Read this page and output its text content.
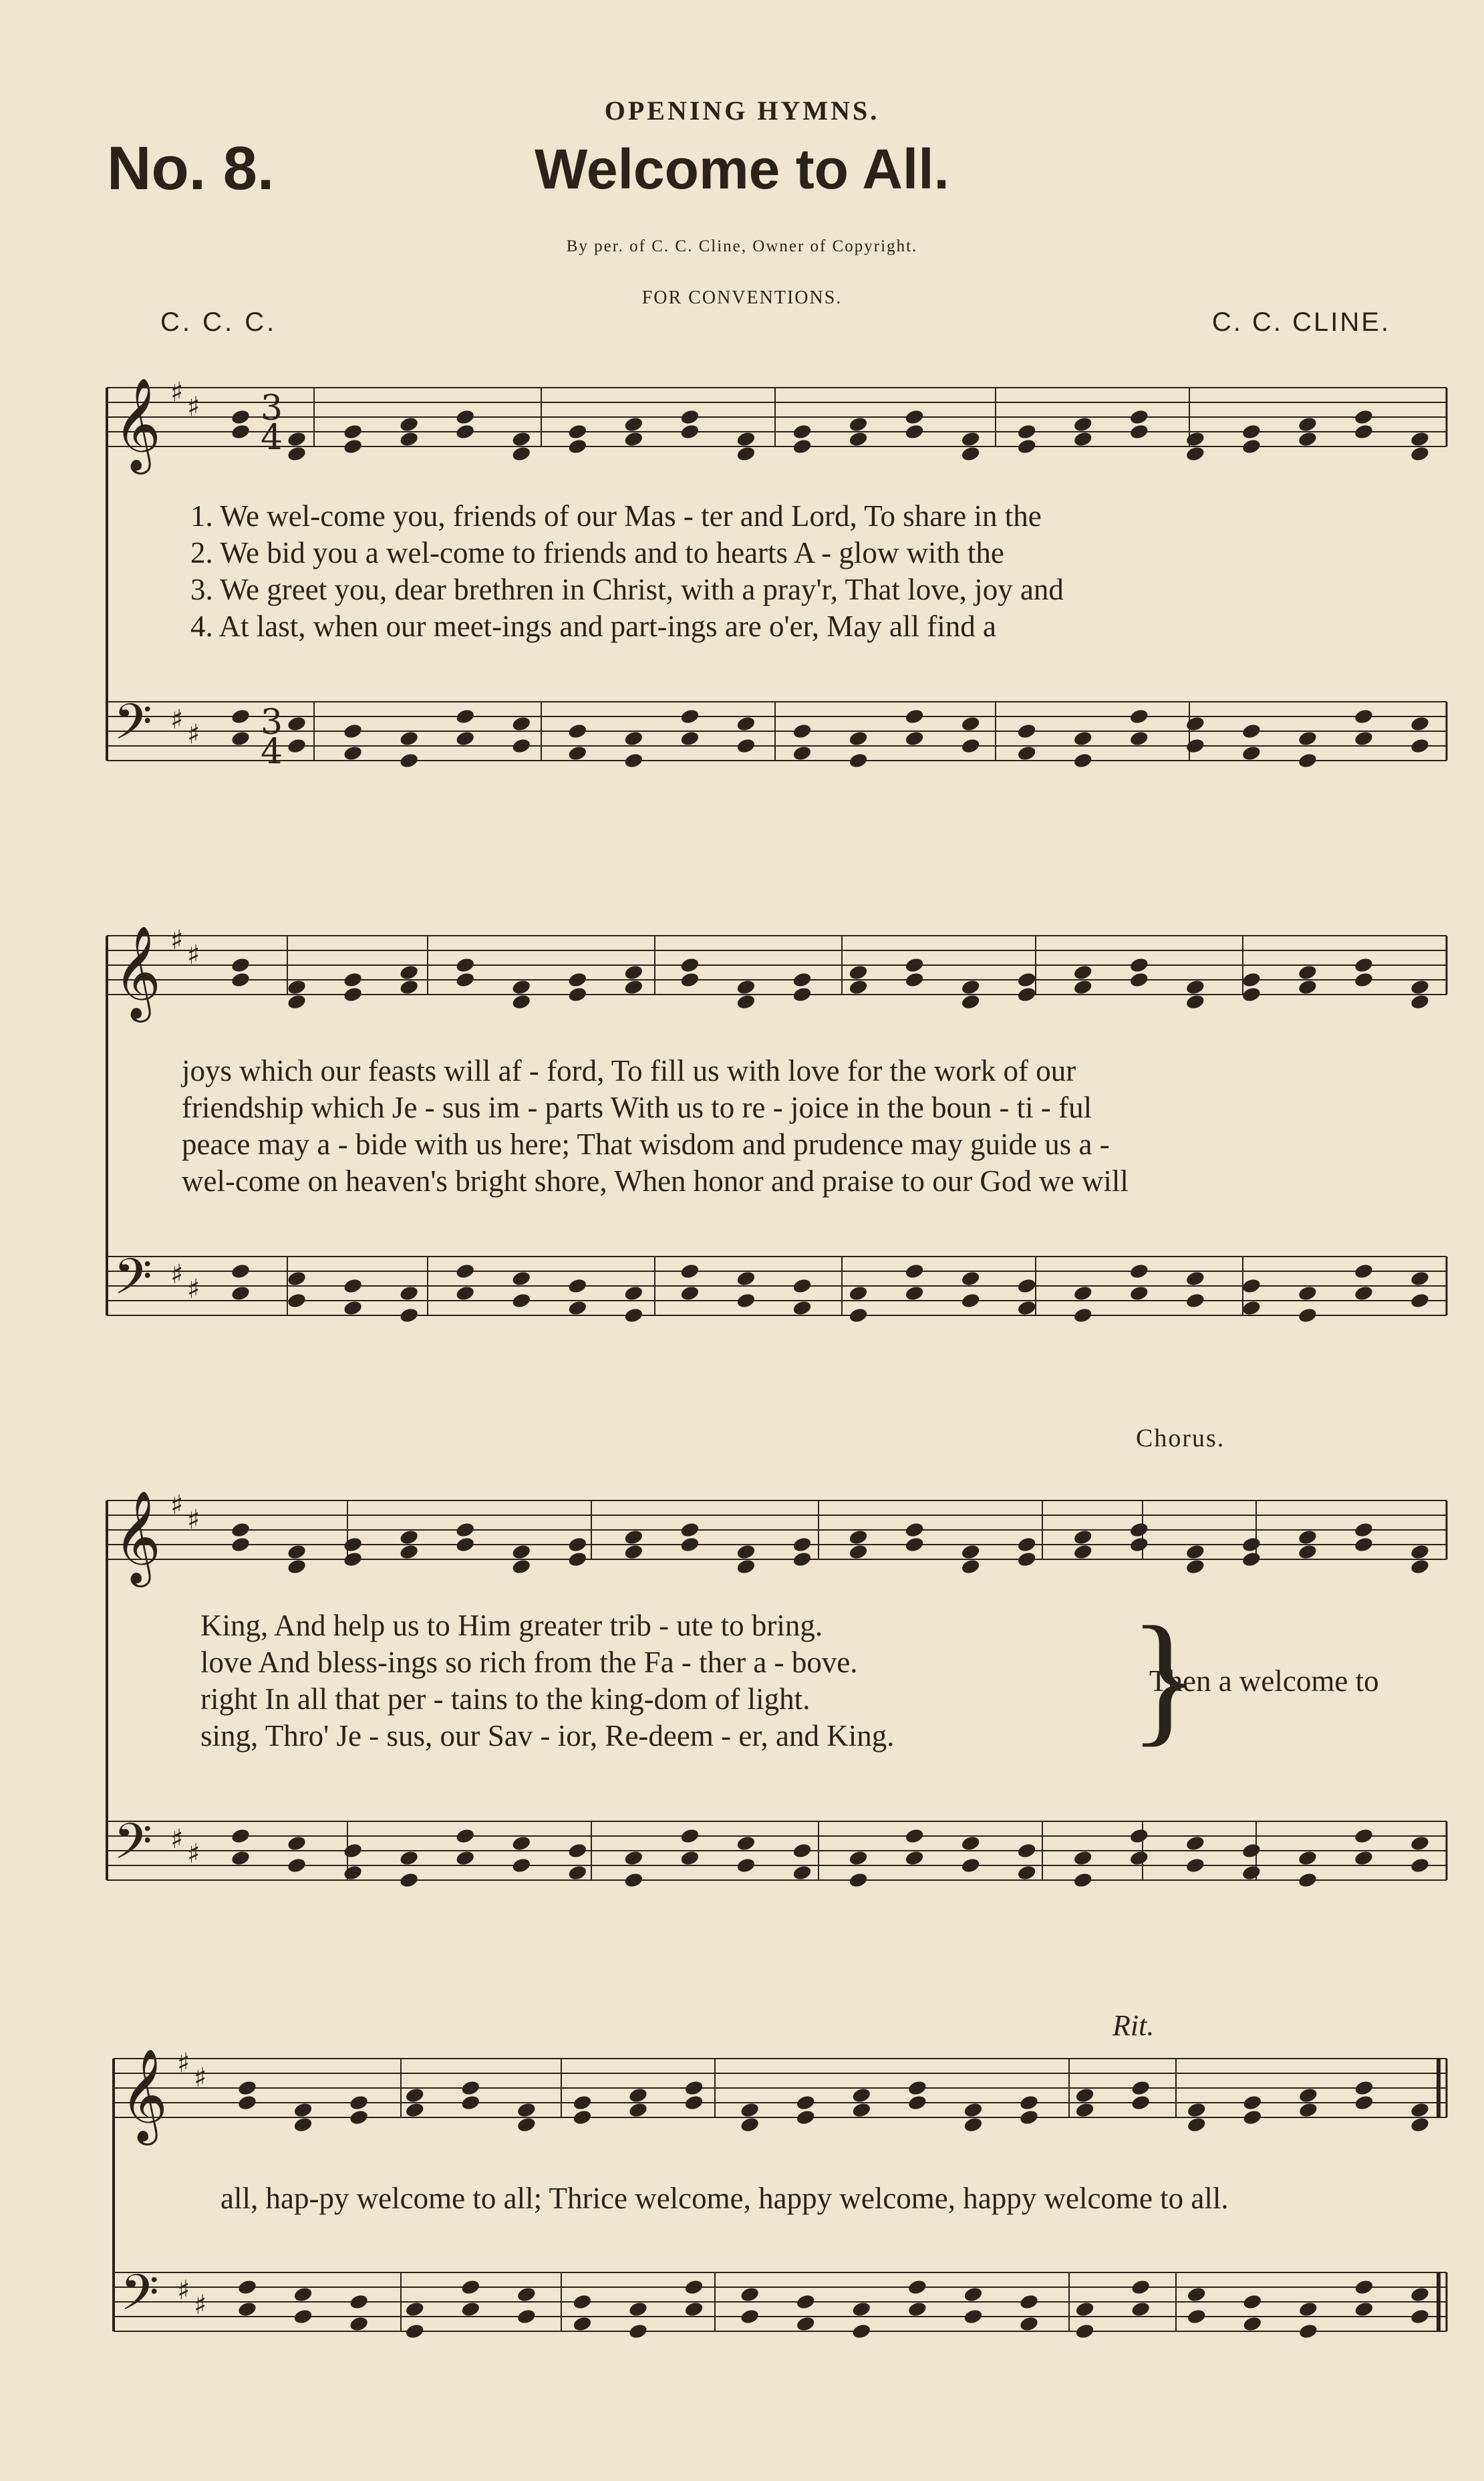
OPENING HYMNS.
No. 8.	Welcome to All.
By per. of C. C. Cline, Owner of Copyright.
FOR CONVENTIONS.
C. C. C.	C. C. CLINE.
𝄞
𝄢
♯ ♯
♯ ♯
𝄞
𝄢
♯ ♯
♯ ♯
𝄞
𝄢
♯ ♯
♯ ♯
𝄞
𝄢
♯ ♯
♯ ♯
3
4
3
4
1. We wel-come you, friends of our Mas - ter and Lord, To share in the
2. We bid you a wel-come to friends and to hearts A - glow with the
3. We greet you, dear brethren in Christ, with a pray'r, That love, joy and
4. At last, when our meet-ings and part-ings are o'er, May all find a
joys which our feasts will af - ford, To fill us with love for the work of our
friendship which Je - sus im - parts With us to re - joice in the boun - ti - ful
peace may a - bide with us here; That wisdom and prudence may guide us a -
wel-come on heaven's bright shore, When honor and praise to our God we will
Chorus.
King, And help us to Him greater trib - ute to bring.
love And bless-ings so rich from the Fa - ther a - bove.
right In all that per - tains to the king-dom of light.
sing, Thro' Je - sus, our Sav - ior, Re-deem - er, and King. }
Then a welcome to
Rit.
all, hap-py welcome to all; Thrice welcome, happy welcome, happy welcome to all.
